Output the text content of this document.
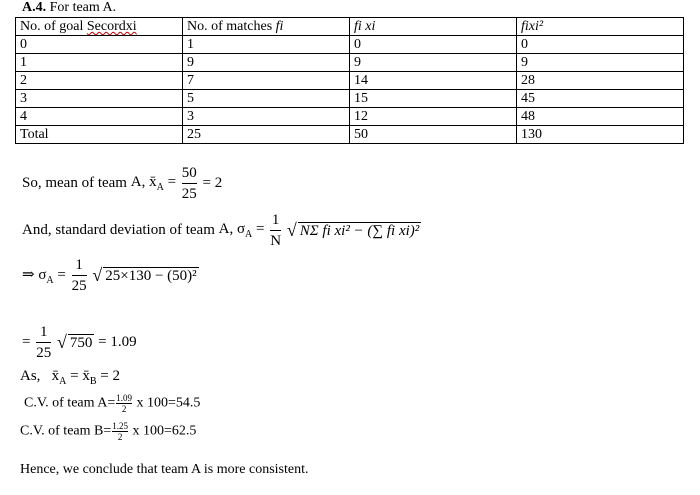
A.4. For team A.
No. of goal Secordxi	No. of matches fi	fi xi	fixi²
0	1	0	0
1	9	9	9
2	7	14	28
3	5	15	45
4	3	12	48
Total	25	50	130
So, mean of team A, $x̄_A = \frac{50}{25} = 2$
And, standard deviation of team A, $\sigma_A = \frac{1}{N}$ √ NΣ fi xi² − (∑ fi xi)²
⇒ $\sigma_A = \frac{1}{25}$ √ 25×130 − (50)²
= $\frac{1}{25}$ √ 750 = 1.09
As, $x̄_A$ = $x̄_B = 2$
C.V. of team $A= \frac{1.09}{2}$ x 100=54.5
C.V. of team $B= \frac{1.25}{2}$ x 100=62.5
Hence, we conclude that team A is more consistent.
